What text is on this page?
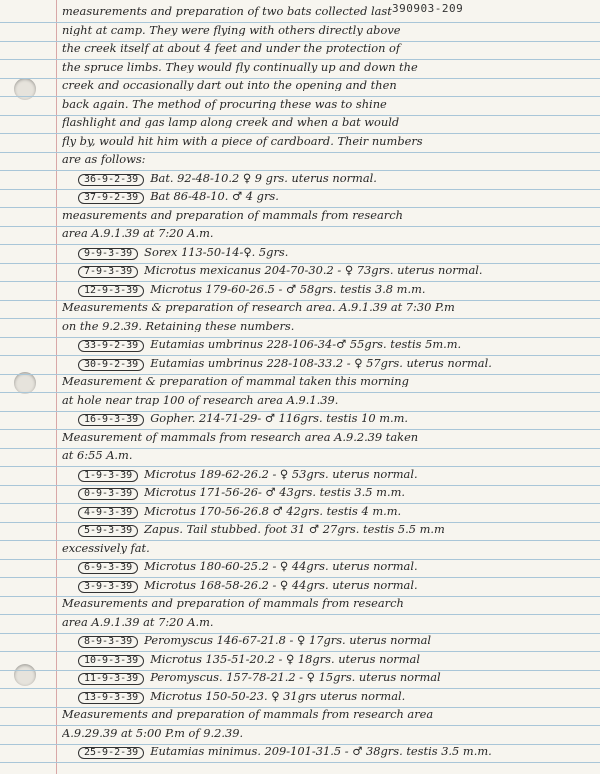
390903-209
measurements and preparation of two bats collected last
night at camp. They were flying with others directly above
the creek itself at about 4 feet and under the protection of
the spruce limbs. They would fly continually up and down the
creek and occasionally dart out into the opening and then
back again. The method of procuring these was to shine
flashlight and gas lamp along creek and when a bat would
fly by, would hit him with a piece of cardboard. Their numbers
are as follows:
36-9-2-39 Bat. 92-48-10.2 ♀ 9 grs. uterus normal.
37-9-2-39 Bat 86-48-10. ♂ 4 grs.
measurements and preparation of mammals from research
area A.9.1.39 at 7:20 A.m.
9-9-3-39 Sorex 113-50-14-♀. 5grs.
7-9-3-39 Microtus mexicanus 204-70-30.2 - ♀ 73grs. uterus normal.
12-9-3-39 Microtus 179-60-26.5 - ♂ 58grs. testis 3.8 m.m.
Measurements & preparation of research area. A.9.1.39 at 7:30 P.m
on the 9.2.39. Retaining these numbers.
33-9-2-39 Eutamias umbrinus 228-106-34-♂ 55grs. testis 5m.m.
30-9-2-39 Eutamias umbrinus 228-108-33.2 - ♀ 57grs. uterus normal.
Measurement & preparation of mammal taken this morning
at hole near trap 100 of research area A.9.1.39.
16-9-3-39 Gopher. 214-71-29- ♂ 116grs. testis 10 m.m.
Measurement of mammals from research area A.9.2.39 taken
at 6:55 A.m.
1-9-3-39 Microtus 189-62-26.2 - ♀ 53grs. uterus normal.
0-9-3-39 Microtus 171-56-26- ♂ 43grs. testis 3.5 m.m.
4-9-3-39 Microtus 170-56-26.8 ♂ 42grs. testis 4 m.m.
5-9-3-39 Zapus. Tail stubbed. foot 31 ♂ 27grs. testis 5.5 m.m
excessively fat.
6-9-3-39 Microtus 180-60-25.2 - ♀ 44grs. uterus normal.
3-9-3-39 Microtus 168-58-26.2 - ♀ 44grs. uterus normal.
Measurements and preparation of mammals from research
area A.9.1.39 at 7:20 A.m.
8-9-3-39 Peromyscus 146-67-21.8 - ♀ 17grs. uterus normal
10-9-3-39 Microtus 135-51-20.2 - ♀ 18grs. uterus normal
11-9-3-39 Peromyscus. 157-78-21.2 - ♀ 15grs. uterus normal
13-9-3-39 Microtus 150-50-23. ♀ 31grs uterus normal.
Measurements and preparation of mammals from research area
A.9.29.39 at 5:00 P.m of 9.2.39.
25-9-2-39 Eutamias minimus. 209-101-31.5 - ♂ 38grs. testis 3.5 m.m.
